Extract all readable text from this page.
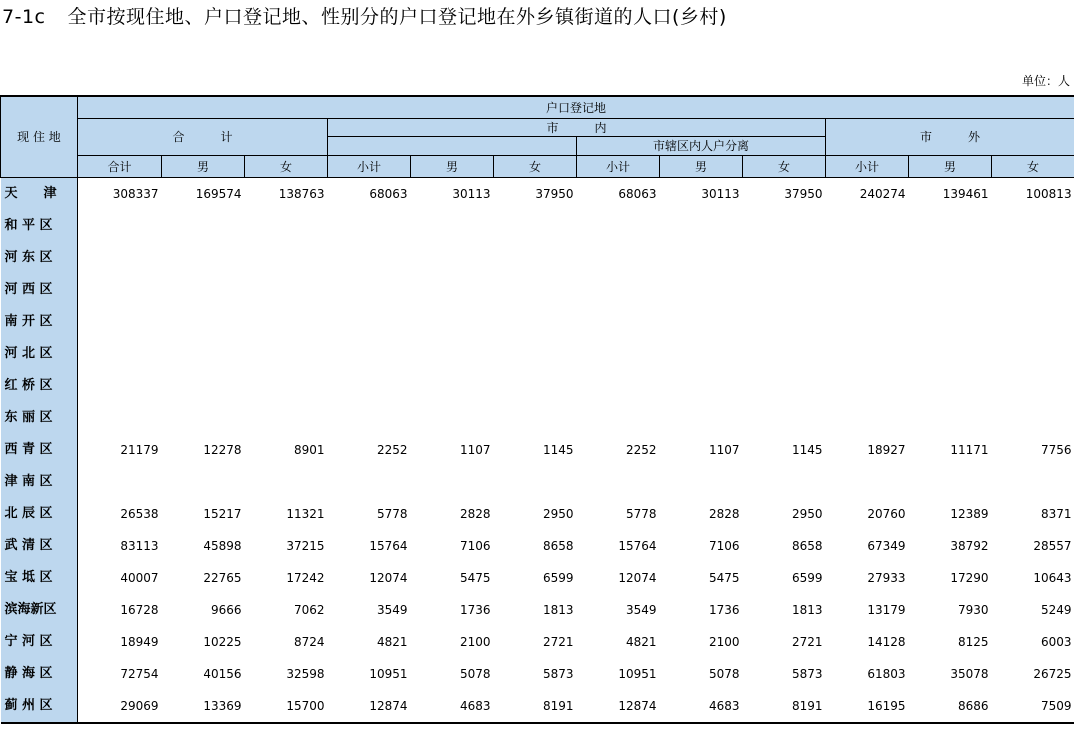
7-1c 全市按现住地、户口登记地、性别分的户口登记地在外乡镇街道的人口(乡村)
单位：人
现 住 地	户口登记地											
	合　　　计			市　　　内						市　　　外		
							市辖区内人户分离					
	合计	男	女	小计	男	女	小计	男	女	小计	男	女
天　　津	308337	169574	138763	68063	30113	37950	68063	30113	37950	240274	139461	100813
和 平 区												
河 东 区												
河 西 区												
南 开 区												
河 北 区												
红 桥 区												
东 丽 区												
西 青 区	21179	12278	8901	2252	1107	1145	2252	1107	1145	18927	11171	7756
津 南 区												
北 辰 区	26538	15217	11321	5778	2828	2950	5778	2828	2950	20760	12389	8371
武 清 区	83113	45898	37215	15764	7106	8658	15764	7106	8658	67349	38792	28557
宝 坻 区	40007	22765	17242	12074	5475	6599	12074	5475	6599	27933	17290	10643
滨海新区	16728	9666	7062	3549	1736	1813	3549	1736	1813	13179	7930	5249
宁 河 区	18949	10225	8724	4821	2100	2721	4821	2100	2721	14128	8125	6003
静 海 区	72754	40156	32598	10951	5078	5873	10951	5078	5873	61803	35078	26725
蓟 州 区	29069	13369	15700	12874	4683	8191	12874	4683	8191	16195	8686	7509
